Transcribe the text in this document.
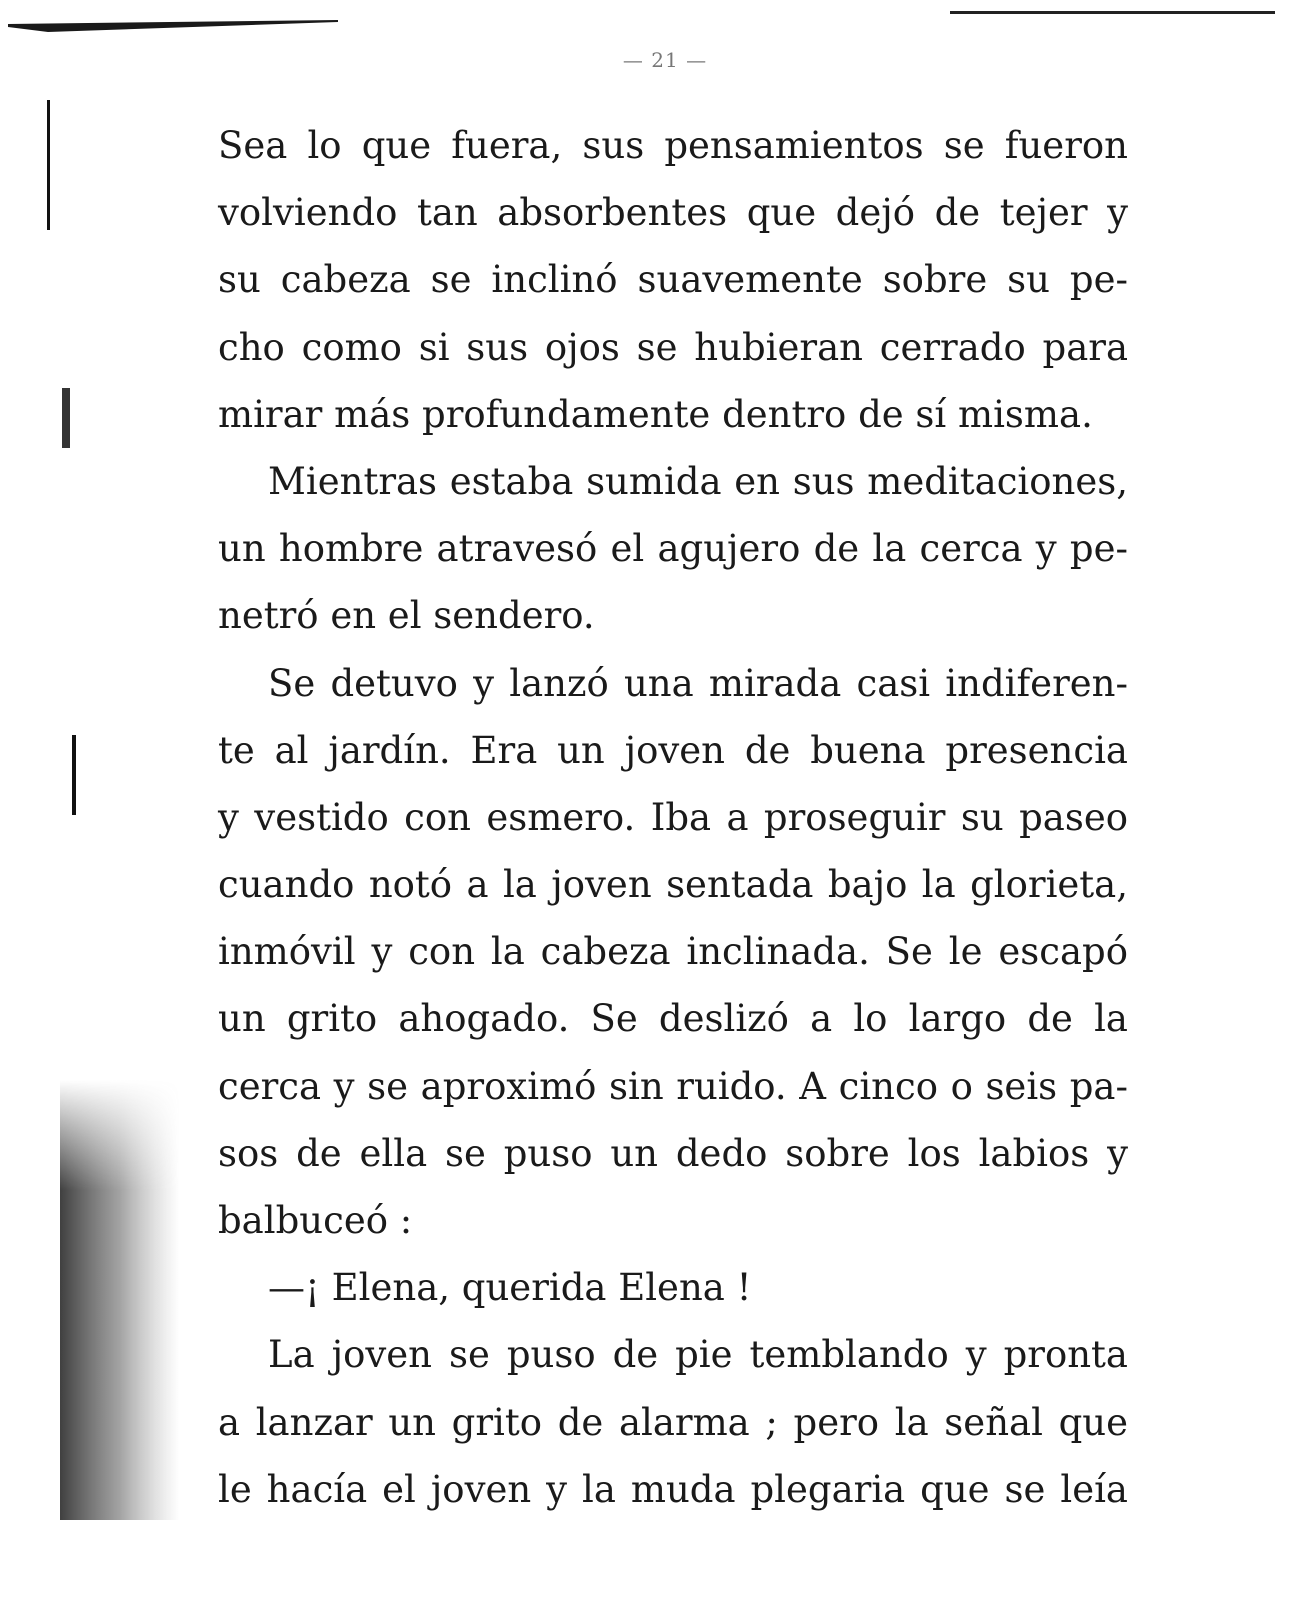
— 21 —
Sea lo que fuera, sus pensamientos se fueron
volviendo tan absorbentes que dejó de tejer y
su cabeza se inclinó suavemente sobre su pe-
cho como si sus ojos se hubieran cerrado para
mirar más profundamente dentro de sí misma.
Mientras estaba sumida en sus meditaciones,
un hombre atravesó el agujero de la cerca y pe-
netró en el sendero.
Se detuvo y lanzó una mirada casi indiferen-
te al jardín. Era un joven de buena presencia
y vestido con esmero. Iba a proseguir su paseo
cuando notó a la joven sentada bajo la glorieta,
inmóvil y con la cabeza inclinada. Se le escapó
un grito ahogado. Se deslizó a lo largo de la
cerca y se aproximó sin ruido. A cinco o seis pa-
sos de ella se puso un dedo sobre los labios y
balbuceó :
—¡ Elena, querida Elena !
La joven se puso de pie temblando y pronta
a lanzar un grito de alarma ; pero la señal que
le hacía el joven y la muda plegaria que se leía
